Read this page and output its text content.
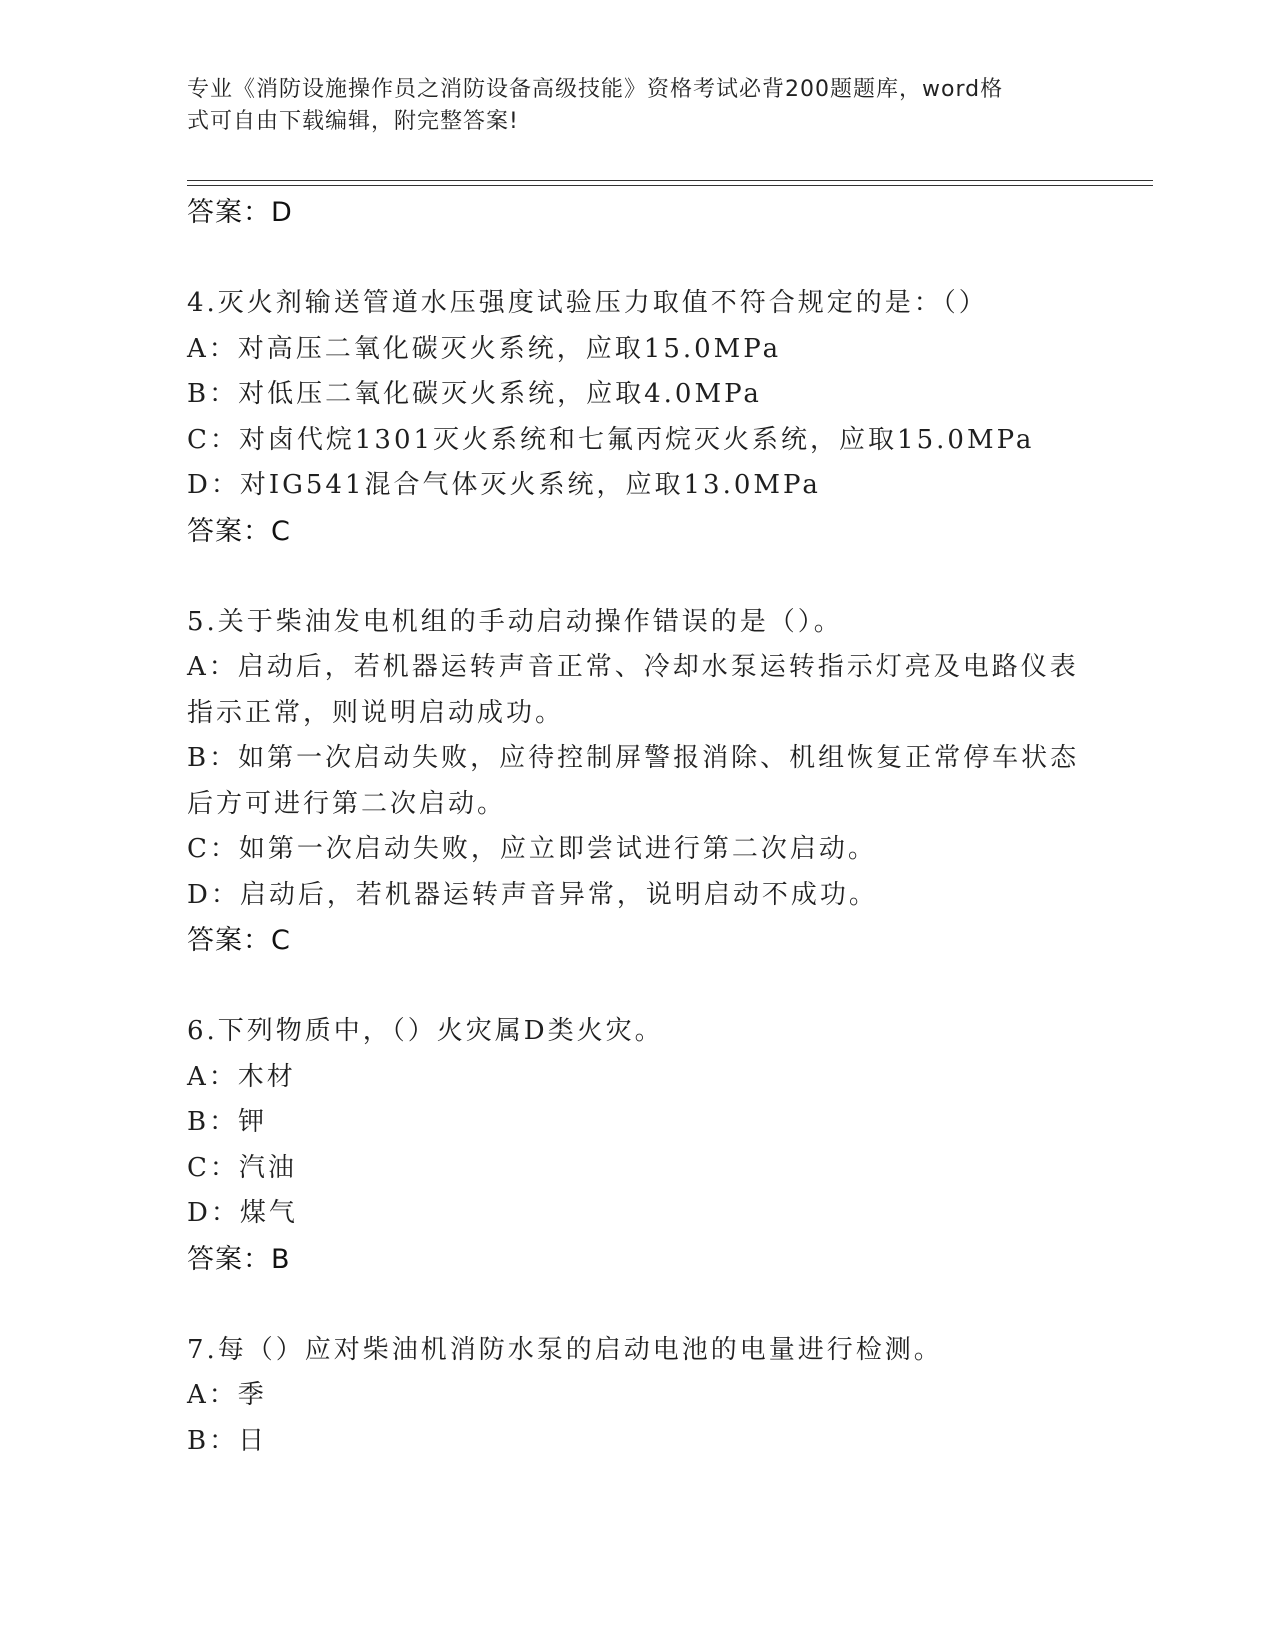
专业《消防设施操作员之消防设备高级技能》资格考试必背200题题库，word格
式可自由下载编辑，附完整答案!
答案：D
4.灭火剂输送管道水压强度试验压力取值不符合规定的是：（）
A：对高压二氧化碳灭火系统，应取15.0MPa
B：对低压二氧化碳灭火系统，应取4.0MPa
C：对卤代烷1301灭火系统和七氟丙烷灭火系统，应取15.0MPa
D：对IG541混合气体灭火系统，应取13.0MPa
答案：C
5.关于柴油发电机组的手动启动操作错误的是（）。
A：启动后，若机器运转声音正常、冷却水泵运转指示灯亮及电路仪表
指示正常，则说明启动成功。
B：如第一次启动失败，应待控制屏警报消除、机组恢复正常停车状态
后方可进行第二次启动。
C：如第一次启动失败，应立即尝试进行第二次启动。
D：启动后，若机器运转声音异常，说明启动不成功。
答案：C
6.下列物质中，（）火灾属D类火灾。
A：木材
B：钾
C：汽油
D：煤气
答案：B
7.每（）应对柴油机消防水泵的启动电池的电量进行检测。
A：季
B：日
